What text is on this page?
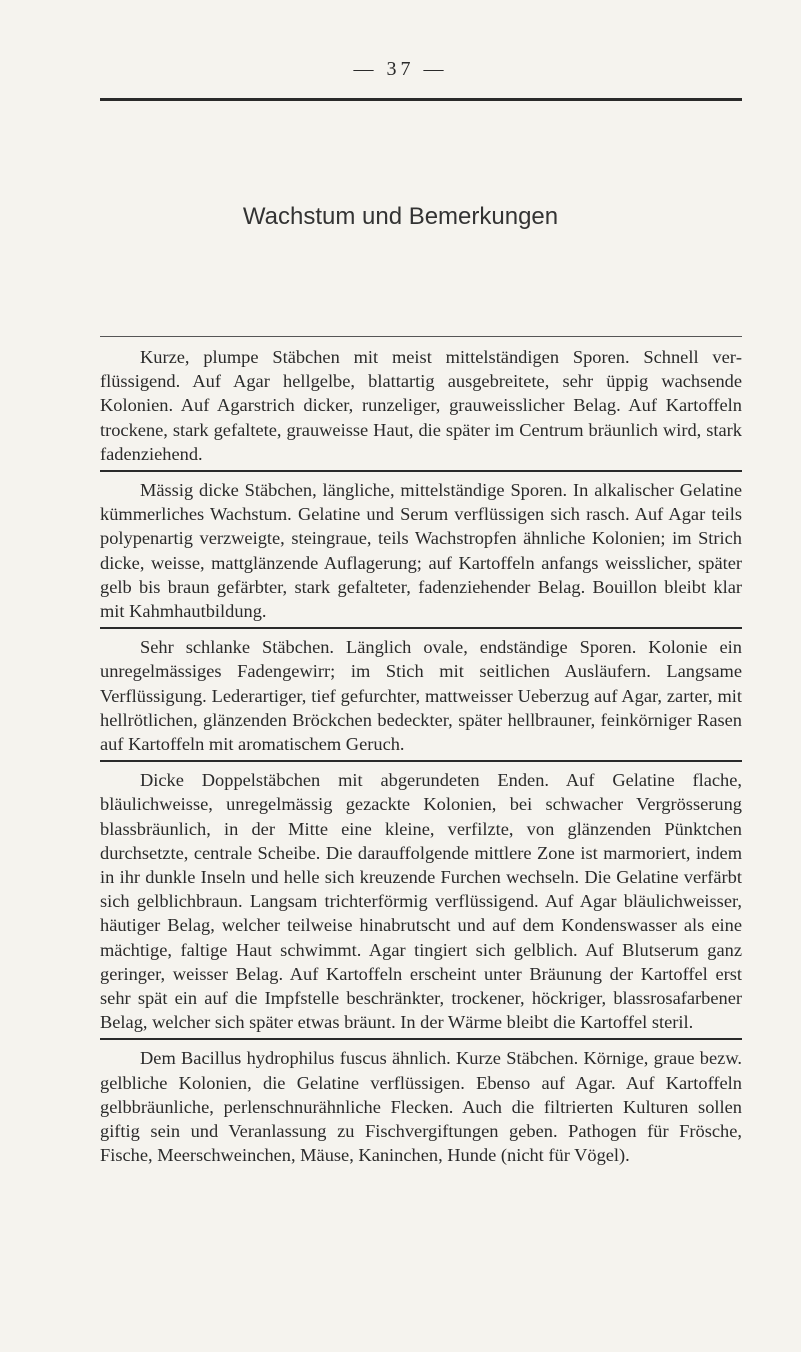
— 37 —
Wachstum und Bemerkungen

Kurze, plumpe Stäbchen mit meist mittelständigen Sporen. Schnell verflüssigend. Auf Agar hellgelbe, blattartig ausgebreitete, sehr üppig wachsende Kolonien. Auf Agarstrich dicker, runzeliger, grauweisslicher Belag. Auf Kartoffeln trockene, stark gefaltete, grauweisse Haut, die später im Centrum bräunlich wird, stark fadenziehend.

Mässig dicke Stäbchen, längliche, mittelständige Sporen. In alkalischer Gelatine kümmerliches Wachstum. Gelatine und Serum verflüssigen sich rasch. Auf Agar teils polypenartig verzweigte, steingraue, teils Wachstropfen ähnliche Kolonien; im Strich dicke, weisse, mattglänzende Auflagerung; auf Kartoffeln anfangs weisslicher, später gelb bis braun gefärbter, stark gefalteter, fadenziehender Belag. Bouillon bleibt klar mit Kahmhautbildung.

Sehr schlanke Stäbchen. Länglich ovale, endständige Sporen. Kolonie ein unregelmässiges Fadengewirr; im Stich mit seitlichen Ausläufern. Langsame Verflüssigung. Lederartiger, tief gefurchter, mattweisser Ueberzug auf Agar, zarter, mit hellrötlichen, glänzenden Bröckchen bedeckter, später hellbrauner, feinkörniger Rasen auf Kartoffeln mit aromatischem Geruch.

Dicke Doppelstäbchen mit abgerundeten Enden. Auf Gelatine flache, bläulichweisse, unregelmässig gezackte Kolonien, bei schwacher Vergrösserung blassbräunlich, in der Mitte eine kleine, verfilzte, von glänzenden Pünktchen durchsetzte, centrale Scheibe. Die darauffolgende mittlere Zone ist marmoriert, indem in ihr dunkle Inseln und helle sich kreuzende Furchen wechseln. Die Gelatine verfärbt sich gelblichbraun. Langsam trichterförmig verflüssigend. Auf Agar bläulichweisser, häutiger Belag, welcher teilweise hinabrutscht und auf dem Kondenswasser als eine mächtige, faltige Haut schwimmt. Agar tingiert sich gelblich. Auf Blutserum ganz geringer, weisser Belag. Auf Kartoffeln erscheint unter Bräunung der Kartoffel erst sehr spät ein auf die Impfstelle beschränkter, trockener, höckriger, blassrosafarbener Belag, welcher sich später etwas bräunt. In der Wärme bleibt die Kartoffel steril.

Dem Bacillus hydrophilus fuscus ähnlich. Kurze Stäbchen. Körnige, graue bezw. gelbliche Kolonien, die Gelatine verflüssigen. Ebenso auf Agar. Auf Kartoffeln gelbbräunliche, perlenschnurähnliche Flecken. Auch die filtrierten Kulturen sollen giftig sein und Veranlassung zu Fischvergiftungen geben. Pathogen für Frösche, Fische, Meerschweinchen, Mäuse, Kaninchen, Hunde (nicht für Vögel).
